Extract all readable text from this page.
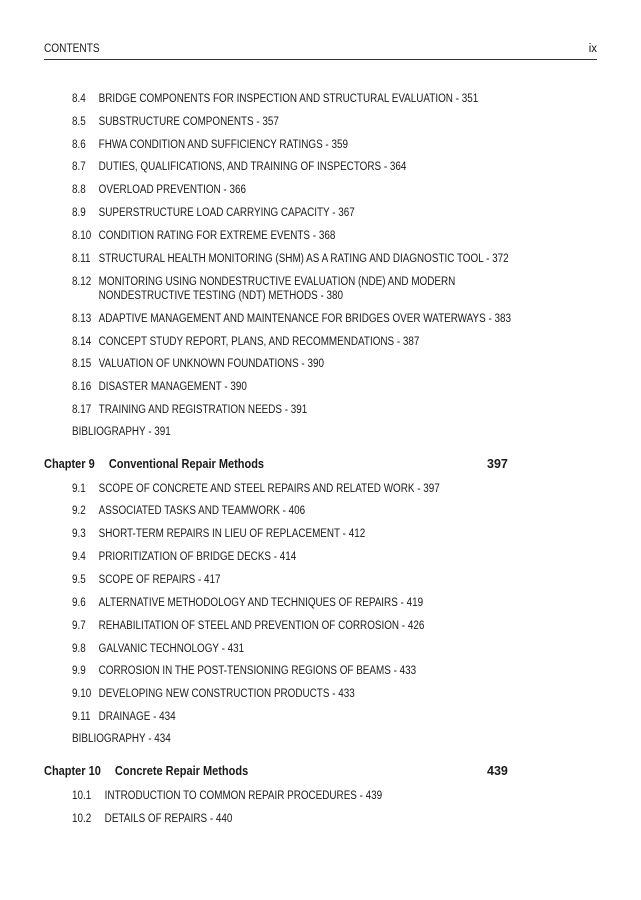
CONTENTS	ix
8.4 BRIDGE COMPONENTS FOR INSPECTION AND STRUCTURAL EVALUATION - 351
8.5 SUBSTRUCTURE COMPONENTS - 357
8.6 FHWA CONDITION AND SUFFICIENCY RATINGS - 359
8.7 DUTIES, QUALIFICATIONS, AND TRAINING OF INSPECTORS - 364
8.8 OVERLOAD PREVENTION - 366
8.9 SUPERSTRUCTURE LOAD CARRYING CAPACITY - 367
8.10 CONDITION RATING FOR EXTREME EVENTS - 368
8.11 STRUCTURAL HEALTH MONITORING (SHM) AS A RATING AND DIAGNOSTIC TOOL - 372
8.12 MONITORING USING NONDESTRUCTIVE EVALUATION (NDE) AND MODERN
NONDESTRUCTIVE TESTING (NDT) METHODS - 380
8.13 ADAPTIVE MANAGEMENT AND MAINTENANCE FOR BRIDGES OVER WATERWAYS - 383
8.14 CONCEPT STUDY REPORT, PLANS, AND RECOMMENDATIONS - 387
8.15 VALUATION OF UNKNOWN FOUNDATIONS - 390
8.16 DISASTER MANAGEMENT - 390
8.17 TRAINING AND REGISTRATION NEEDS - 391
BIBLIOGRAPHY - 391
Chapter 9 Conventional Repair Methods	397
9.1 SCOPE OF CONCRETE AND STEEL REPAIRS AND RELATED WORK - 397
9.2 ASSOCIATED TASKS AND TEAMWORK - 406
9.3 SHORT-TERM REPAIRS IN LIEU OF REPLACEMENT - 412
9.4 PRIORITIZATION OF BRIDGE DECKS - 414
9.5 SCOPE OF REPAIRS - 417
9.6 ALTERNATIVE METHODOLOGY AND TECHNIQUES OF REPAIRS - 419
9.7 REHABILITATION OF STEEL AND PREVENTION OF CORROSION - 426
9.8 GALVANIC TECHNOLOGY - 431
9.9 CORROSION IN THE POST-TENSIONING REGIONS OF BEAMS - 433
9.10 DEVELOPING NEW CONSTRUCTION PRODUCTS - 433
9.11 DRAINAGE - 434
BIBLIOGRAPHY - 434
Chapter 10 Concrete Repair Methods	439
10.1 INTRODUCTION TO COMMON REPAIR PROCEDURES - 439
10.2 DETAILS OF REPAIRS - 440
